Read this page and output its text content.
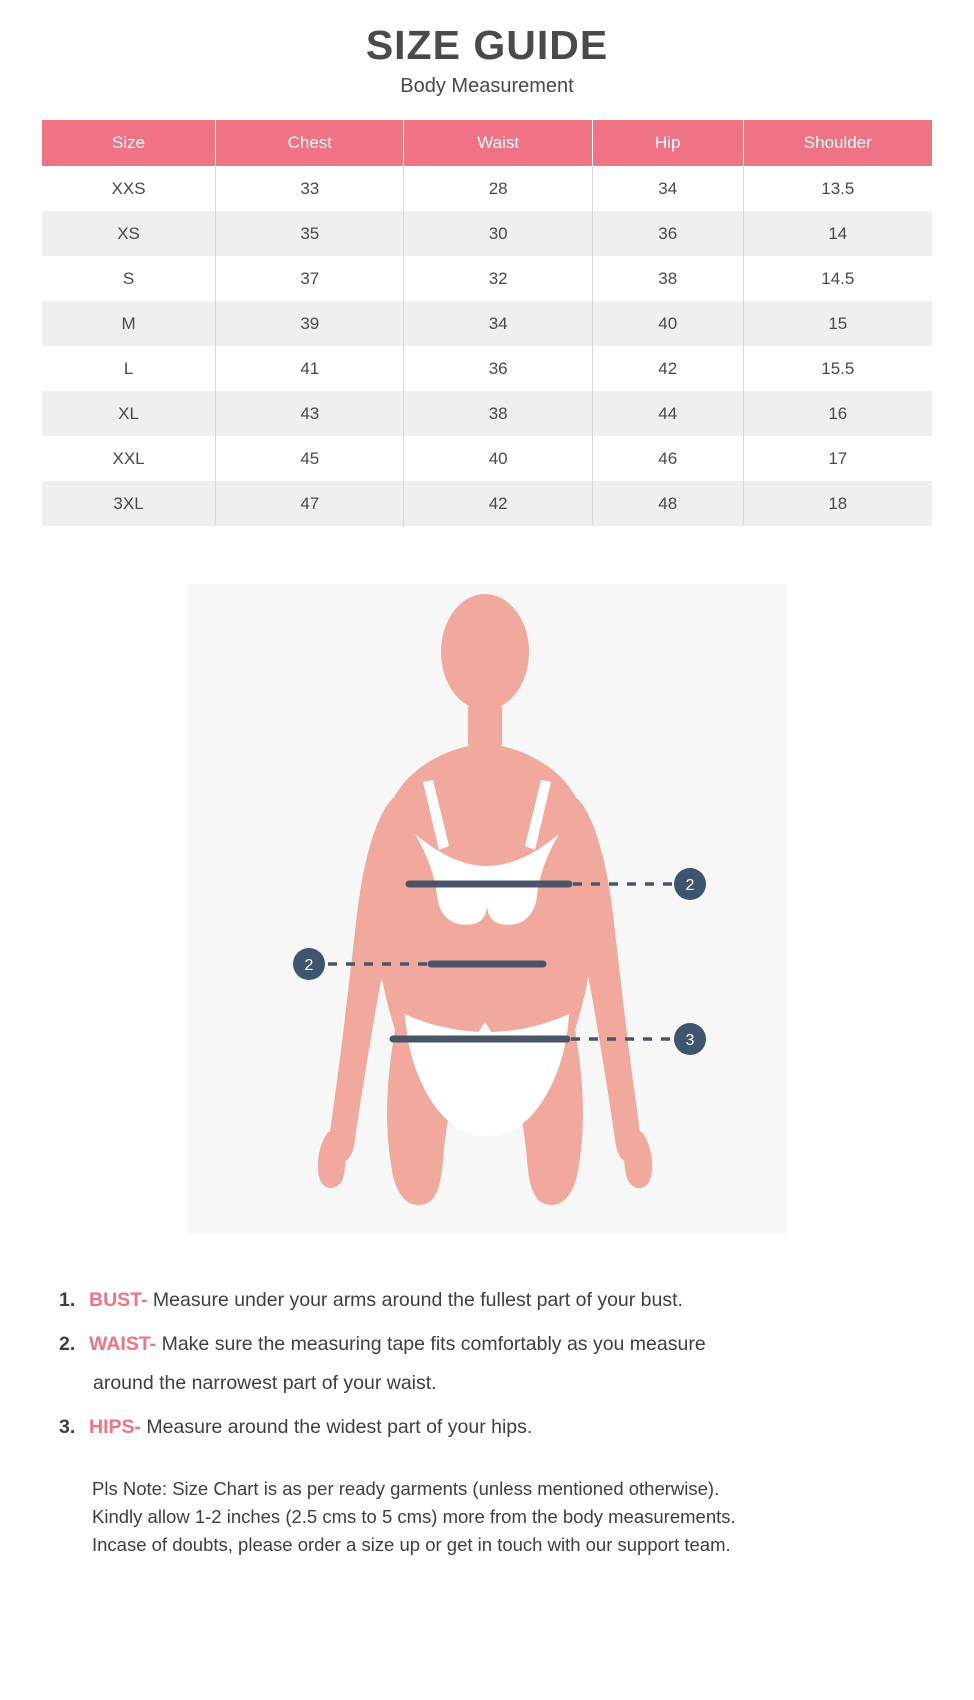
SIZE GUIDE
Body Measurement
Size	Chest	Waist	Hip	Shoulder
XXS	33	28	34	13.5
XS	35	30	36	14
S	37	32	38	14.5
M	39	34	40	15
L	41	36	42	15.5
XL	43	38	44	16
XXL	45	40	46	17
3XL	47	42	48	18
2
2
3
1. BUST- Measure under your arms around the fullest part of your bust.
2. WAIST- Make sure the measuring tape fits comfortably as you measure
around the narrowest part of your waist.
3. HIPS- Measure around the widest part of your hips.
Pls Note: Size Chart is as per ready garments (unless mentioned otherwise).
Kindly allow 1-2 inches (2.5 cms to 5 cms) more from the body measurements.
Incase of doubts, please order a size up or get in touch with our support team.
